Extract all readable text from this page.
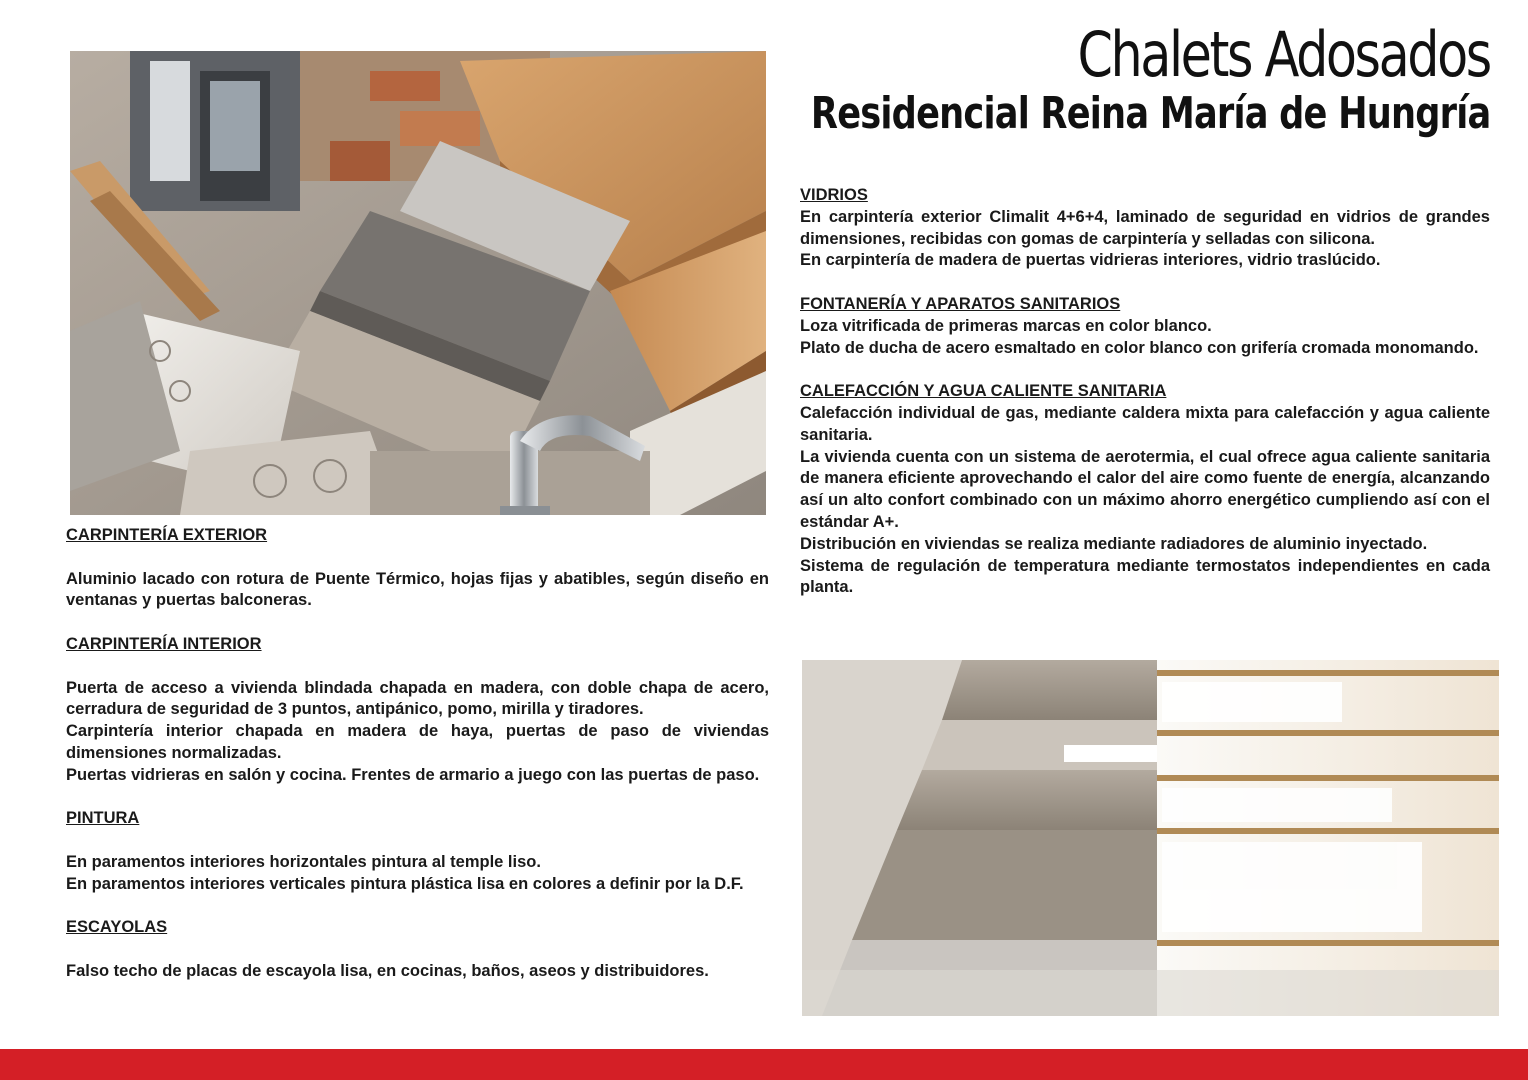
Chalets Adosados
Residencial Reina María de Hungría

VIDRIOS

En carpintería exterior Climalit 4+6+4, laminado de seguridad en vidrios de grandes dimensiones, recibidas con gomas de carpintería y selladas con silicona.

En carpintería de madera de puertas vidrieras interiores, vidrio traslúcido.

FONTANERÍA Y APARATOS SANITARIOS

Loza vitrificada de primeras marcas en color blanco.

Plato de ducha de acero esmaltado en color blanco con grifería cromada monomando.

CALEFACCIÓN Y AGUA CALIENTE SANITARIA

Calefacción individual de gas, mediante caldera mixta para calefacción y agua caliente sanitaria.

La vivienda cuenta con un sistema de aerotermia, el cual ofrece agua caliente sanitaria de manera eficiente aprovechando el calor del aire como fuente de energía, alcanzando así un alto confort combinado con un máximo ahorro energético cumpliendo así con el estándar A+.

Distribución en viviendas se realiza mediante radiadores de aluminio inyectado.

Sistema de regulación de temperatura mediante termostatos independientes en cada planta.

CARPINTERÍA EXTERIOR

Aluminio lacado con rotura de Puente Térmico, hojas fijas y abatibles, según diseño en ventanas y puertas balconeras.

CARPINTERÍA INTERIOR

Puerta de acceso a vivienda blindada chapada en madera, con doble chapa de acero, cerradura de seguridad de 3 puntos, antipánico, pomo, mirilla y tiradores.

Carpintería interior chapada en madera de haya, puertas de paso de viviendas dimensiones normalizadas.

Puertas vidrieras en salón y cocina. Frentes de armario a juego con las puertas de paso.

PINTURA

En paramentos interiores horizontales pintura al temple liso.

En paramentos interiores verticales pintura plástica lisa en colores a definir por la D.F.

ESCAYOLAS

Falso techo de placas de escayola lisa, en cocinas, baños, aseos y distribuidores.
